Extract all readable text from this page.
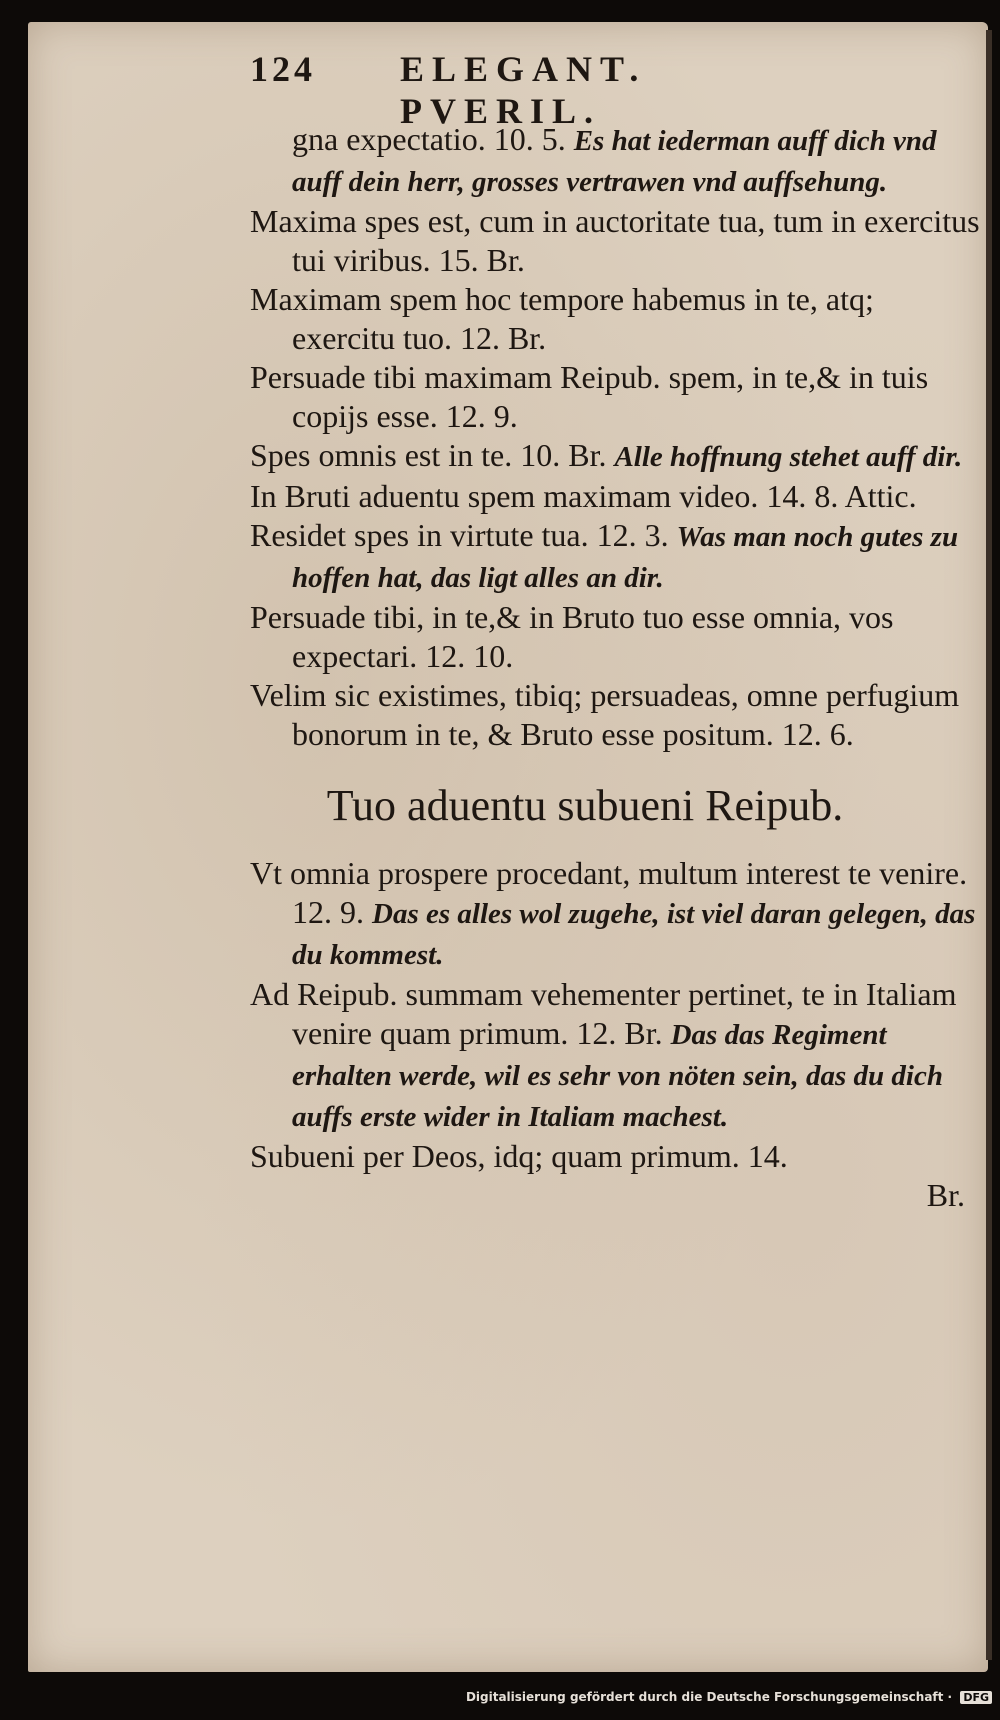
124 ELEGANT. PVERIL.
gna expectatio. 10. 5. Es hat iederman auff dich vnd auff dein herr, grosses vertrawen vnd auffsehung.
Maxima spes est, cum in auctoritate tua, tum in exercitus tui viribus. 15. Br.
Maximam spem hoc tempore habemus in te, atq; exercitu tuo. 12. Br.
Persuade tibi maximam Reipub. spem, in te,& in tuis copijs esse. 12. 9.
Spes omnis est in te. 10. Br. Alle hoffnung stehet auff dir.
In Bruti aduentu spem maximam video. 14. 8. Attic.
Residet spes in virtute tua. 12. 3. Was man noch gutes zu hoffen hat, das ligt alles an dir.
Persuade tibi, in te,& in Bruto tuo esse omnia, vos expectari. 12. 10.
Velim sic existimes, tibiq; persuadeas, omne perfugium bonorum in te, & Bruto esse positum. 12. 6.
Tuo aduentu subueni Reipub.
Vt omnia prospere procedant, multum interest te venire. 12. 9. Das es alles wol zugehe, ist viel daran gelegen, das du kommest.
Ad Reipub. summam vehementer pertinet, te in Italiam venire quam primum. 12. Br. Das das Regiment erhalten werde, wil es sehr von nöten sein, das du dich auffs erste wider in Italiam machest.
Subueni per Deos, idq; quam primum. 14.
Br.
Digitalisierung gefördert durch die Deutsche Forschungsgemeinschaft · DFG
